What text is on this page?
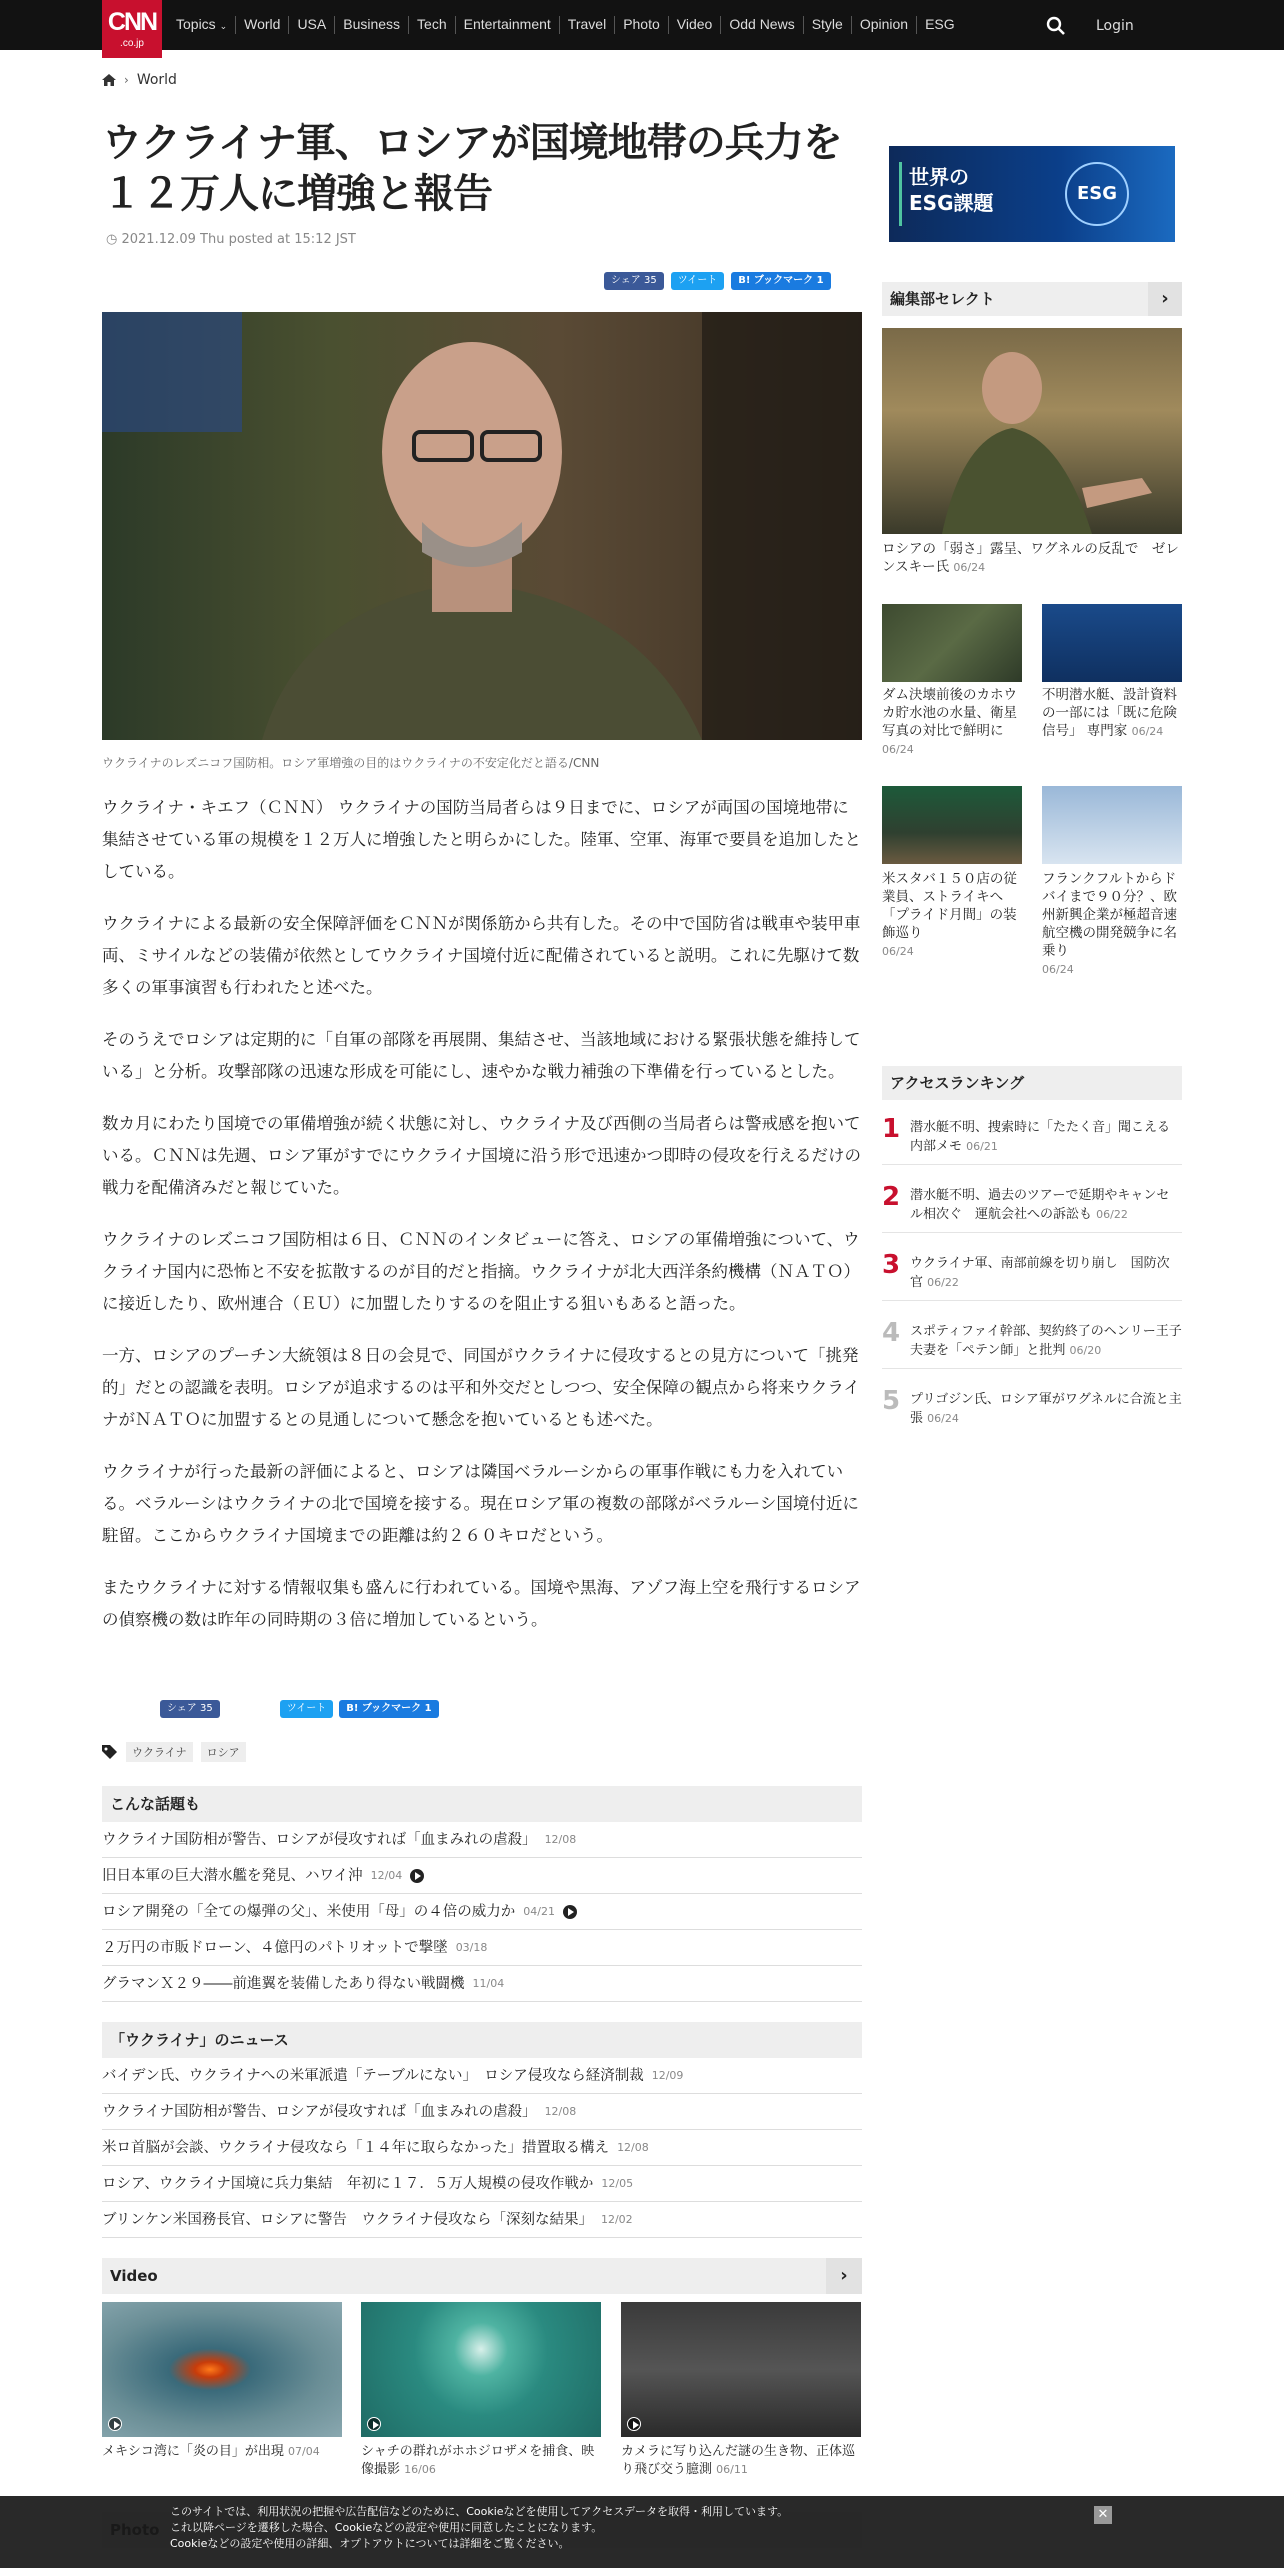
CNN
.co.jp
Topics ⌄	World	USA	Business	Tech	Entertainment	Travel	Photo	Video	Odd News	Style	Opinion	ESG	Login
› World
ウクライナ軍、ロシアが国境地帯の兵力を１２万人に増強と報告
◷ 2021.12.09 Thu posted at 15:12 JST
シェア 35	ツイート	B! ブックマーク 1
ウクライナのレズニコフ国防相。ロシア軍増強の目的はウクライナの不安定化だと語る/CNN

ウクライナ・キエフ（ＣＮＮ） ウクライナの国防当局者らは９日までに、ロシアが両国の国境地帯に集結させている軍の規模を１２万人に増強したと明らかにした。陸軍、空軍、海軍で要員を追加したとしている。

ウクライナによる最新の安全保障評価をＣＮＮが関係筋から共有した。その中で国防省は戦車や装甲車両、ミサイルなどの装備が依然としてウクライナ国境付近に配備されていると説明。これに先駆けて数多くの軍事演習も行われたと述べた。

そのうえでロシアは定期的に「自軍の部隊を再展開、集結させ、当該地域における緊張状態を維持している」と分析。攻撃部隊の迅速な形成を可能にし、速やかな戦力補強の下準備を行っているとした。

数カ月にわたり国境での軍備増強が続く状態に対し、ウクライナ及び西側の当局者らは警戒感を抱いている。ＣＮＮは先週、ロシア軍がすでにウクライナ国境に沿う形で迅速かつ即時の侵攻を行えるだけの戦力を配備済みだと報じていた。

ウクライナのレズニコフ国防相は６日、ＣＮＮのインタビューに答え、ロシアの軍備増強について、ウクライナ国内に恐怖と不安を拡散するのが目的だと指摘。ウクライナが北大西洋条約機構（ＮＡＴＯ）に接近したり、欧州連合（ＥＵ）に加盟したりするのを阻止する狙いもあると語った。

一方、ロシアのプーチン大統領は８日の会見で、同国がウクライナに侵攻するとの見方について「挑発的」だとの認識を表明。ロシアが追求するのは平和外交だとしつつ、安全保障の観点から将来ウクライナがＮＡＴＯに加盟するとの見通しについて懸念を抱いているとも述べた。

ウクライナが行った最新の評価によると、ロシアは隣国ベラルーシからの軍事作戦にも力を入れている。ベラルーシはウクライナの北で国境を接する。現在ロシア軍の複数の部隊がベラルーシ国境付近に駐留。ここからウクライナ国境までの距離は約２６０キロだという。

またウクライナに対する情報収集も盛んに行われている。国境や黒海、アゾフ海上空を飛行するロシアの偵察機の数は昨年の同時期の３倍に増加しているという。

シェア 35	ツイート	B! ブックマーク 1
ウクライナ	ロシア
こんな話題も
ウクライナ国防相が警告、ロシアが侵攻すれば「血まみれの虐殺」 12/08
旧日本軍の巨大潜水艦を発見、ハワイ沖 12/04
ロシア開発の「全ての爆弾の父」、米使用「母」の４倍の威力か 04/21
２万円の市販ドローン、４億円のパトリオットで撃墜 03/18
グラマンＸ２９――前進翼を装備したあり得ない戦闘機 11/04
「ウクライナ」のニュース
バイデン氏、ウクライナへの米軍派遣「テーブルにない」　ロシア侵攻なら経済制裁 12/09
ウクライナ国防相が警告、ロシアが侵攻すれば「血まみれの虐殺」 12/08
米ロ首脳が会談、ウクライナ侵攻なら「１４年に取らなかった」措置取る構え 12/08
ロシア、ウクライナ国境に兵力集結　年初に１７．５万人規模の侵攻作戦か 12/05
ブリンケン米国務長官、ロシアに警告　ウクライナ侵攻なら「深刻な結果」 12/02
Video	›
メキシコ湾に「炎の目」が出現 07/04	シャチの群れがホホジロザメを捕食、映像撮影 16/06
カメラに写り込んだ謎の生き物、正体巡り飛び交う臆測 06/11
世界の
ESG課題	ESG
編集部セレクト	›
ロシアの「弱さ」露呈、ワグネルの反乱で　ゼレンスキー氏 06/24
ダム決壊前後のカホウカ貯水池の水量、衛星写真の対比で鮮明に
06/24
不明潜水艇、設計資料の一部には「既に危険信号」 専門家 06/24
米スタバ１５０店の従業員、ストライキへ　「プライド月間」の装飾巡り
06/24
フランクフルトからドバイまで９０分？、欧州新興企業が極超音速航空機の開発競争に名乗り
06/24
アクセスランキング
1 潜水艇不明、捜索時に「たたく音」聞こえる 内部メモ 06/21
2 潜水艇不明、過去のツアーで延期やキャンセル相次ぐ　運航会社への訴訟も 06/22
3 ウクライナ軍、南部前線を切り崩し　国防次官 06/22
4 スポティファイ幹部、契約終了のヘンリー王子夫妻を「ペテン師」と批判 06/20
5 プリゴジン氏、ロシア軍がワグネルに合流と主張 06/24
このサイトでは、利用状況の把握や広告配信などのために、Cookieなどを使用してアクセスデータを取得・利用しています。
これ以降ページを遷移した場合、Cookieなどの設定や使用に同意したことになります。
Cookieなどの設定や使用の詳細、オプトアウトについては詳細をご覧ください。
✕
